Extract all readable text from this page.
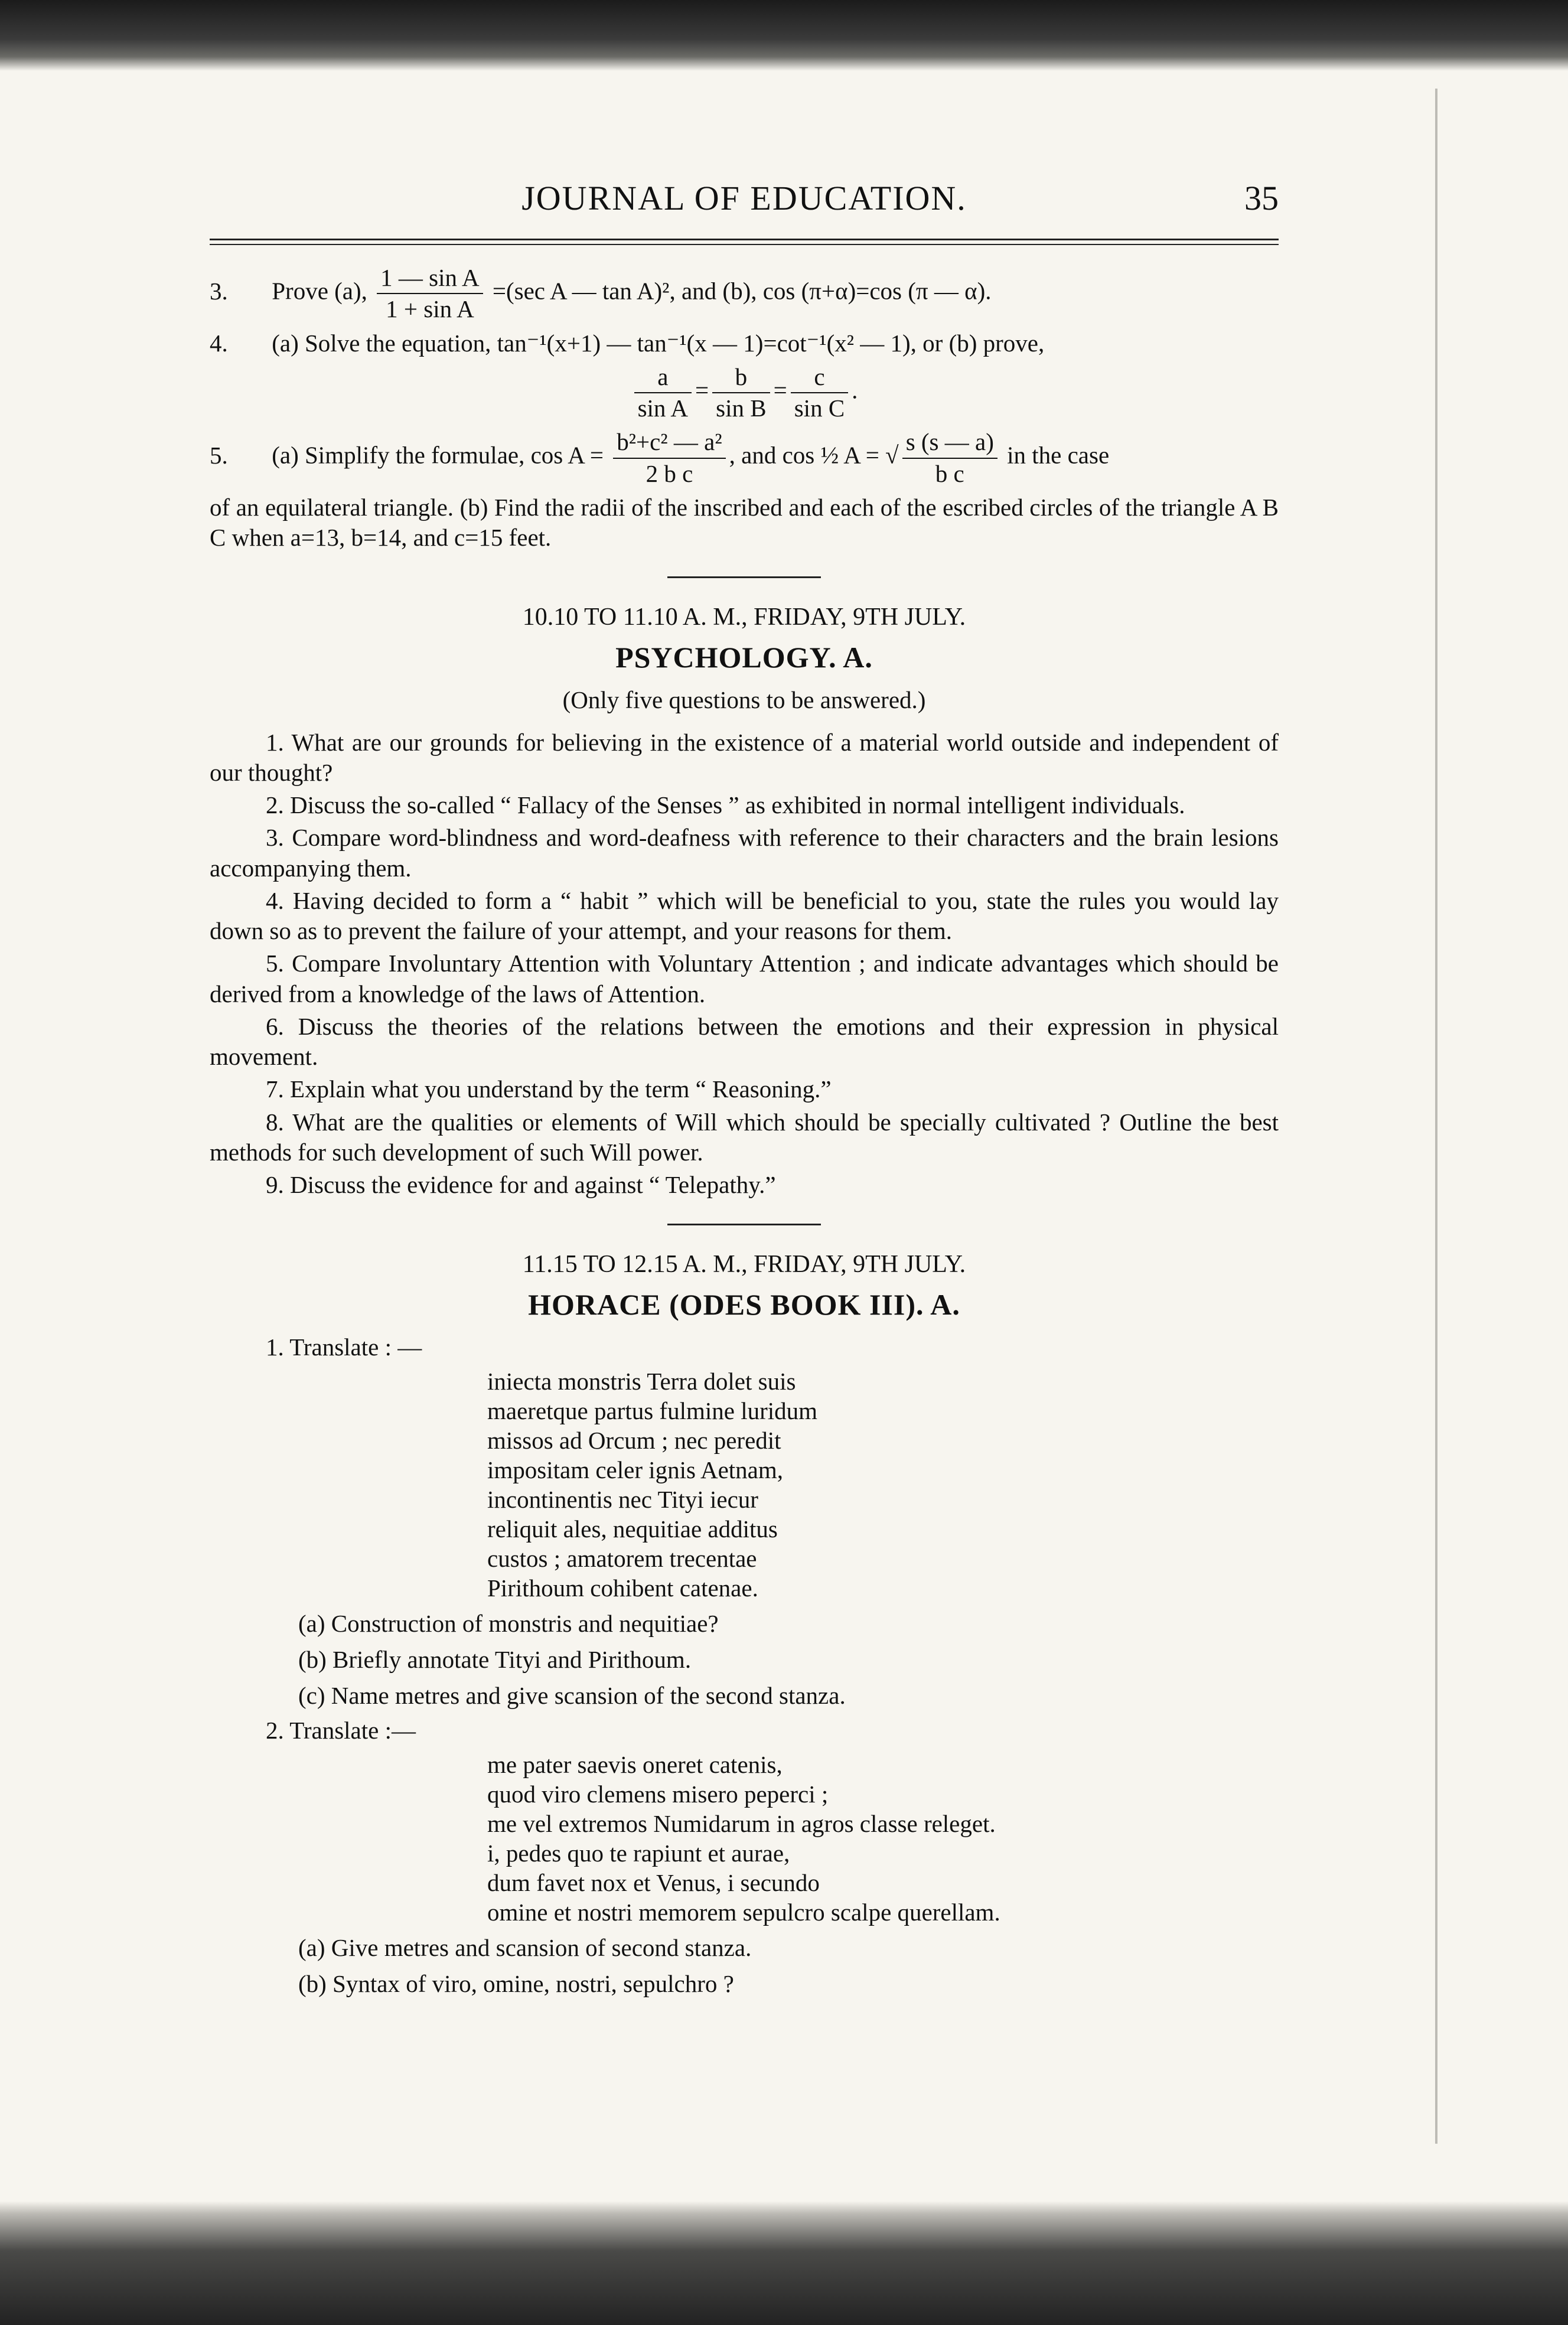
JOURNAL OF EDUCATION.	35
3. Prove (a), $\frac{\text{1 — sin A}}{\text{1 + sin A}} =(\sec$ A — tan A)², and (b), cos (π+α)=cos (π — α).
4. (a) Solve the equation, tan⁻¹(x+1) — tan⁻¹(x — 1)=cot⁻¹(x² — 1), or (b) prove,
$\frac{a}{\text{sin A}} = \frac{b}{\text{sin B}} = \frac{c}{\text{sin C}}$ .
5. (a) Simplify the formulae, $\cos A = \frac{\text{b²+c² — a²}}{\text{2 b c}}$ , and cos ½ A = √ $\frac{s (s — a)}{\text{b c}}$ in the case
of an equilateral triangle. (b) Find the radii of the inscribed and each of the escribed circles of the triangle A B C when a=13, b=14, and c=15 feet.
10.10 TO 11.10 A. M., FRIDAY, 9TH JULY.
PSYCHOLOGY. A.
(Only five questions to be answered.)
1. What are our grounds for believing in the existence of a material world outside and independent of our thought?
2. Discuss the so-called “ Fallacy of the Senses ” as exhibited in normal intelligent individuals.
3. Compare word-blindness and word-deafness with reference to their characters and the brain lesions accompanying them.
4. Having decided to form a “ habit ” which will be beneficial to you, state the rules you would lay down so as to prevent the failure of your attempt, and your reasons for them.
5. Compare Involuntary Attention with Voluntary Attention ; and indicate advantages which should be derived from a knowledge of the laws of Attention.
6. Discuss the theories of the relations between the emotions and their expression in physical movement.
7. Explain what you understand by the term “ Reasoning.”
8. What are the qualities or elements of Will which should be specially cultivated ? Outline the best methods for such development of such Will power.
9. Discuss the evidence for and against “ Telepathy.”
11.15 TO 12.15 A. M., FRIDAY, 9TH JULY.
HORACE (ODES BOOK III). A.
1. Translate : —
iniecta monstris Terra dolet suis
maeretque partus fulmine luridum
missos ad Orcum ; nec peredit
impositam celer ignis Aetnam,
incontinentis nec Tityi iecur
reliquit ales, nequitiae additus
custos ; amatorem trecentae
Pirithoum cohibent catenae.
(a) Construction of monstris and nequitiae?
(b) Briefly annotate Tityi and Pirithoum.
(c) Name metres and give scansion of the second stanza.
2. Translate :—
me pater saevis oneret catenis,
quod viro clemens misero peperci ;
me vel extremos Numidarum in agros classe releget.
i, pedes quo te rapiunt et aurae,
dum favet nox et Venus, i secundo
omine et nostri memorem sepulcro scalpe querellam.
(a) Give metres and scansion of second stanza.
(b) Syntax of viro, omine, nostri, sepulchro ?
